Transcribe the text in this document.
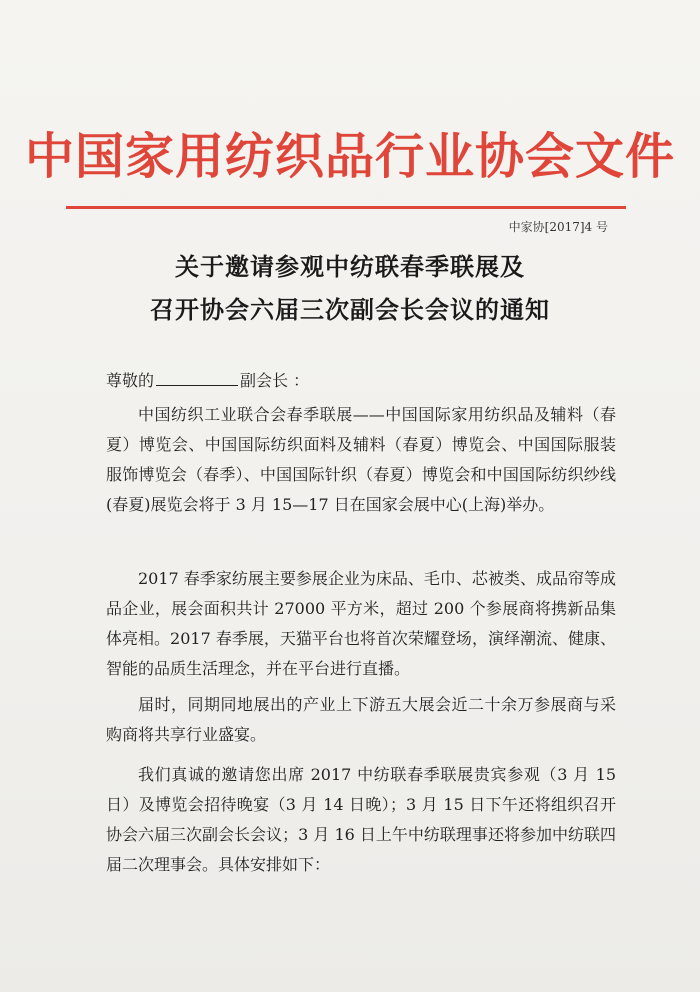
中国家用纺织品行业协会文件
中家协[2017]4 号
关于邀请参观中纺联春季联展及
召开协会六届三次副会长会议的通知
尊敬的	副会长 ：

中国纺织工业联合会春季联展——中国国际家用纺织品及辅料（春夏）博览会、中国国际纺织面料及辅料（春夏）博览会、中国国际服装服饰博览会（春季）、中国国际针织（春夏）博览会和中国国际纺织纱线(春夏)展览会将于 3 月 15—17 日在国家会展中心(上海)举办。

2017 春季家纺展主要参展企业为床品、毛巾、芯被类、成品帘等成品企业，展会面积共计 27000 平方米，超过 200 个参展商将携新品集体亮相。2017 春季展，天猫平台也将首次荣耀登场，演绎潮流、健康、智能的品质生活理念，并在平台进行直播。

届时，同期同地展出的产业上下游五大展会近二十余万参展商与采购商将共享行业盛宴。

我们真诚的邀请您出席 2017 中纺联春季联展贵宾参观（3 月 15 日）及博览会招待晚宴（3 月 14 日晚）；3 月 15 日下午还将组织召开协会六届三次副会长会议；3 月 16 日上午中纺联理事还将参加中纺联四届二次理事会。具体安排如下：
